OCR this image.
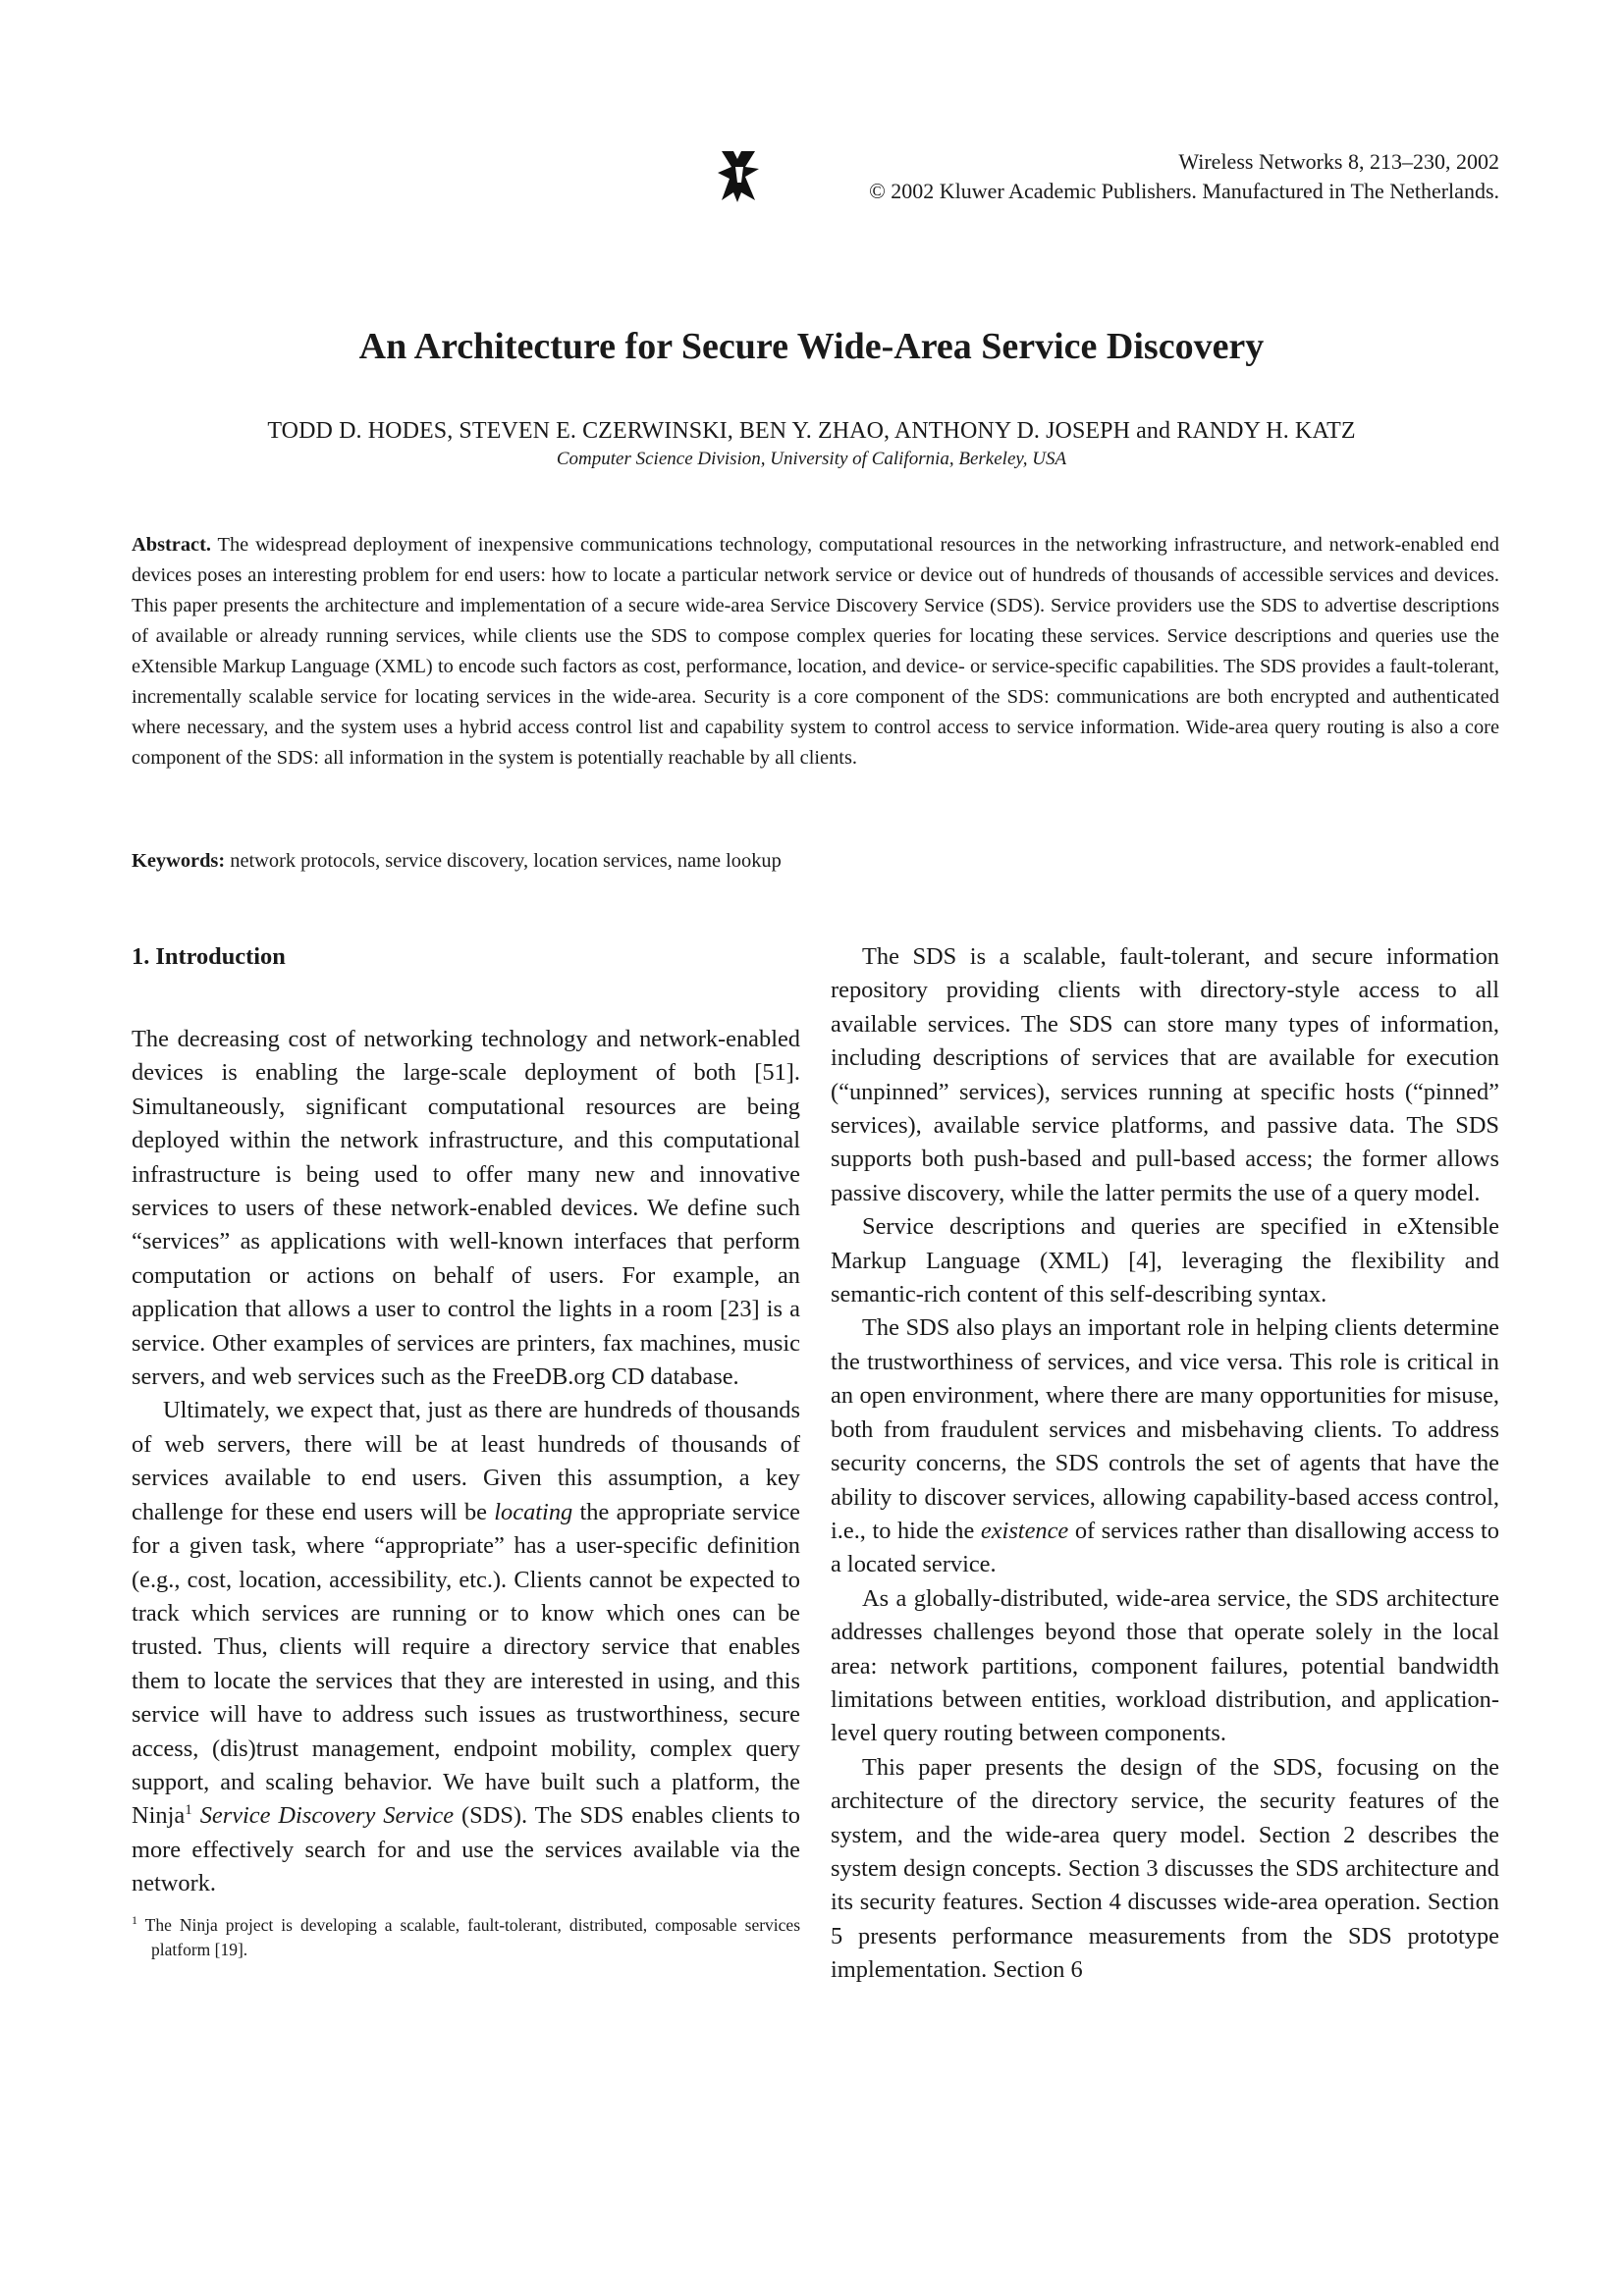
Wireless Networks 8, 213–230, 2002
© 2002 Kluwer Academic Publishers. Manufactured in The Netherlands.
An Architecture for Secure Wide-Area Service Discovery
TODD D. HODES, STEVEN E. CZERWINSKI, BEN Y. ZHAO, ANTHONY D. JOSEPH and RANDY H. KATZ
Computer Science Division, University of California, Berkeley, USA
Abstract. The widespread deployment of inexpensive communications technology, computational resources in the networking infrastructure, and network-enabled end devices poses an interesting problem for end users: how to locate a particular network service or device out of hundreds of thousands of accessible services and devices. This paper presents the architecture and implementation of a secure wide-area Service Discovery Service (SDS). Service providers use the SDS to advertise descriptions of available or already running services, while clients use the SDS to compose complex queries for locating these services. Service descriptions and queries use the eXtensible Markup Language (XML) to encode such factors as cost, performance, location, and device- or service-specific capabilities. The SDS provides a fault-tolerant, incrementally scalable service for locating services in the wide-area. Security is a core component of the SDS: communications are both encrypted and authenticated where necessary, and the system uses a hybrid access control list and capability system to control access to service information. Wide-area query routing is also a core component of the SDS: all information in the system is potentially reachable by all clients.
Keywords: network protocols, service discovery, location services, name lookup
1. Introduction

The decreasing cost of networking technology and network-enabled devices is enabling the large-scale deployment of both [51]. Simultaneously, significant computational resources are being deployed within the network infrastructure, and this computational infrastructure is being used to offer many new and innovative services to users of these network-enabled devices. We define such “services” as applications with well-known interfaces that perform computation or actions on behalf of users. For example, an application that allows a user to control the lights in a room [23] is a service. Other examples of services are printers, fax machines, music servers, and web services such as the FreeDB.org CD database.

Ultimately, we expect that, just as there are hundreds of thousands of web servers, there will be at least hundreds of thousands of services available to end users. Given this assumption, a key challenge for these end users will be locating the appropriate service for a given task, where “appropriate” has a user-specific definition (e.g., cost, location, accessibility, etc.). Clients cannot be expected to track which services are running or to know which ones can be trusted. Thus, clients will require a directory service that enables them to locate the services that they are interested in using, and this service will have to address such issues as trustworthiness, secure access, (dis)trust management, endpoint mobility, complex query support, and scaling behavior. We have built such a platform, the Ninja$^1$ Service Discovery Service (SDS). The SDS enables clients to more effectively search for and use the services available via the network.

$^1$ The Ninja project is developing a scalable, fault-tolerant, distributed, composable services platform [19].

The SDS is a scalable, fault-tolerant, and secure information repository providing clients with directory-style access to all available services. The SDS can store many types of information, including descriptions of services that are available for execution (“unpinned” services), services running at specific hosts (“pinned” services), available service platforms, and passive data. The SDS supports both push-based and pull-based access; the former allows passive discovery, while the latter permits the use of a query model.

Service descriptions and queries are specified in eXtensible Markup Language (XML) [4], leveraging the flexibility and semantic-rich content of this self-describing syntax.

The SDS also plays an important role in helping clients determine the trustworthiness of services, and vice versa. This role is critical in an open environment, where there are many opportunities for misuse, both from fraudulent services and misbehaving clients. To address security concerns, the SDS controls the set of agents that have the ability to discover services, allowing capability-based access control, i.e., to hide the existence of services rather than disallowing access to a located service.

As a globally-distributed, wide-area service, the SDS architecture addresses challenges beyond those that operate solely in the local area: network partitions, component failures, potential bandwidth limitations between entities, workload distribution, and application-level query routing between components.

This paper presents the design of the SDS, focusing on the architecture of the directory service, the security features of the system, and the wide-area query model. Section 2 describes the system design concepts. Section 3 discusses the SDS architecture and its security features. Section 4 discusses wide-area operation. Section 5 presents performance measurements from the SDS prototype implementation. Section 6
